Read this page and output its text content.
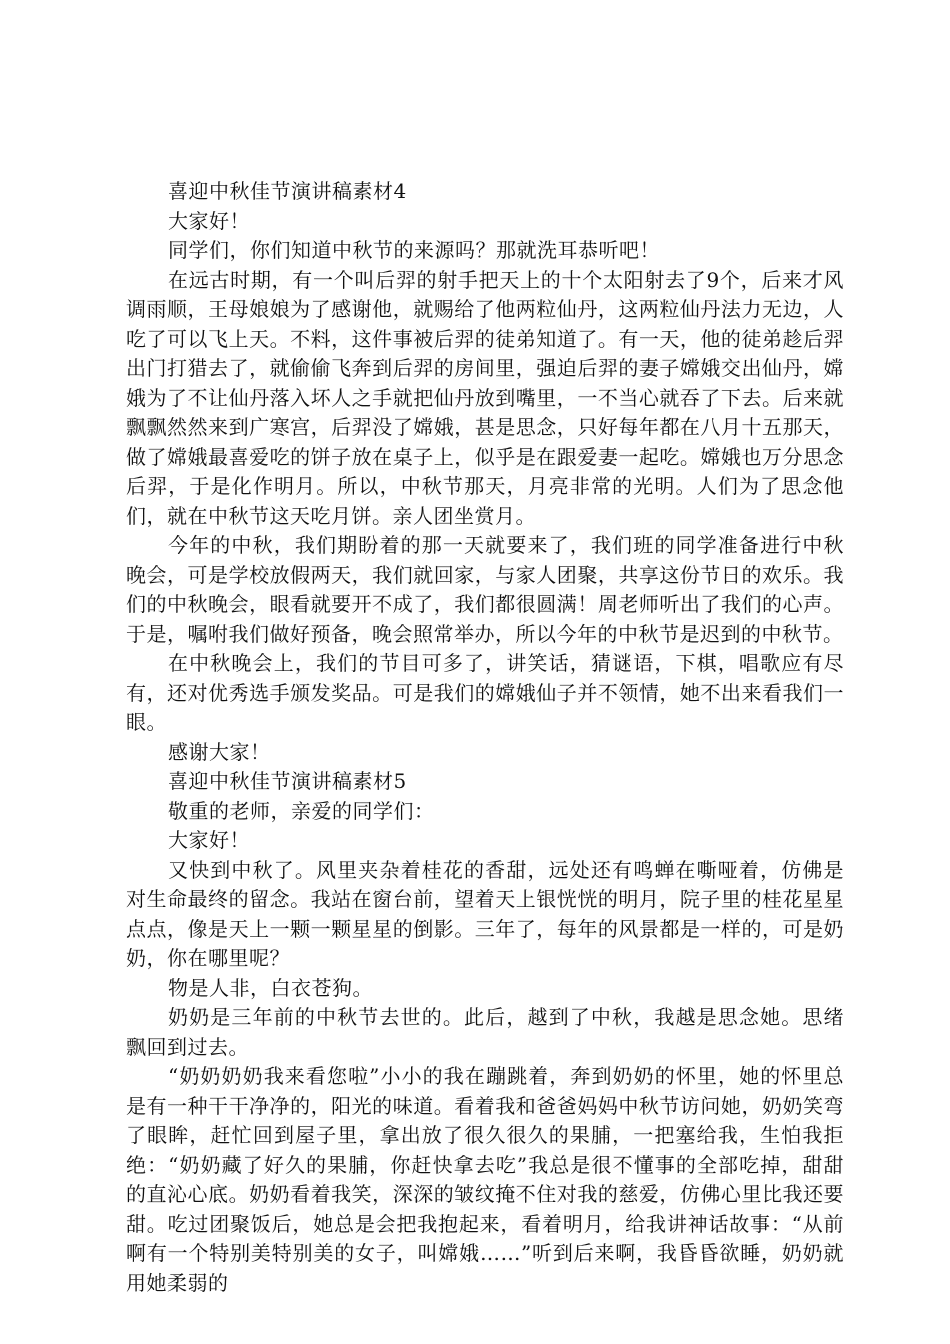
喜迎中秋佳节演讲稿素材4

大家好！

同学们，你们知道中秋节的来源吗？那就洗耳恭听吧！

在远古时期，有一个叫后羿的射手把天上的十个太阳射去了9个，后来才风调雨顺，王母娘娘为了感谢他，就赐给了他两粒仙丹，这两粒仙丹法力无边，人吃了可以飞上天。不料，这件事被后羿的徒弟知道了。有一天，他的徒弟趁后羿出门打猎去了，就偷偷飞奔到后羿的房间里，强迫后羿的妻子嫦娥交出仙丹，嫦娥为了不让仙丹落入坏人之手就把仙丹放到嘴里，一不当心就吞了下去。后来就飘飘然然来到广寒宫，后羿没了嫦娥，甚是思念，只好每年都在八月十五那天，做了嫦娥最喜爱吃的饼子放在桌子上，似乎是在跟爱妻一起吃。嫦娥也万分思念后羿，于是化作明月。所以，中秋节那天，月亮非常的光明。人们为了思念他们，就在中秋节这天吃月饼。亲人团坐赏月。

今年的中秋，我们期盼着的那一天就要来了，我们班的同学准备进行中秋晚会，可是学校放假两天，我们就回家，与家人团聚，共享这份节日的欢乐。我们的中秋晚会，眼看就要开不成了，我们都很圆满！周老师听出了我们的心声。于是，嘱咐我们做好预备，晚会照常举办，所以今年的中秋节是迟到的中秋节。

在中秋晚会上，我们的节目可多了，讲笑话，猜谜语，下棋，唱歌应有尽有，还对优秀选手颁发奖品。可是我们的嫦娥仙子并不领情，她不出来看我们一眼。

感谢大家！

喜迎中秋佳节演讲稿素材5

敬重的老师，亲爱的同学们：

大家好！

又快到中秋了。风里夹杂着桂花的香甜，远处还有鸣蝉在嘶哑着，仿佛是对生命最终的留念。我站在窗台前，望着天上银恍恍的明月，院子里的桂花星星点点，像是天上一颗一颗星星的倒影。三年了，每年的风景都是一样的，可是奶奶，你在哪里呢？

物是人非，白衣苍狗。

奶奶是三年前的中秋节去世的。此后，越到了中秋，我越是思念她。思绪飘回到过去。

“奶奶奶奶我来看您啦”小小的我在蹦跳着，奔到奶奶的怀里，她的怀里总是有一种干干净净的，阳光的味道。看着我和爸爸妈妈中秋节访问她，奶奶笑弯了眼眸，赶忙回到屋子里，拿出放了很久很久的果脯，一把塞给我，生怕我拒绝：“奶奶藏了好久的果脯，你赶快拿去吃”我总是很不懂事的全部吃掉，甜甜的直沁心底。奶奶看着我笑，深深的皱纹掩不住对我的慈爱，仿佛心里比我还要甜。吃过团聚饭后，她总是会把我抱起来，看着明月，给我讲神话故事：“从前啊有一个特别美特别美的女子，叫嫦娥……”听到后来啊，我昏昏欲睡，奶奶就用她柔弱的
